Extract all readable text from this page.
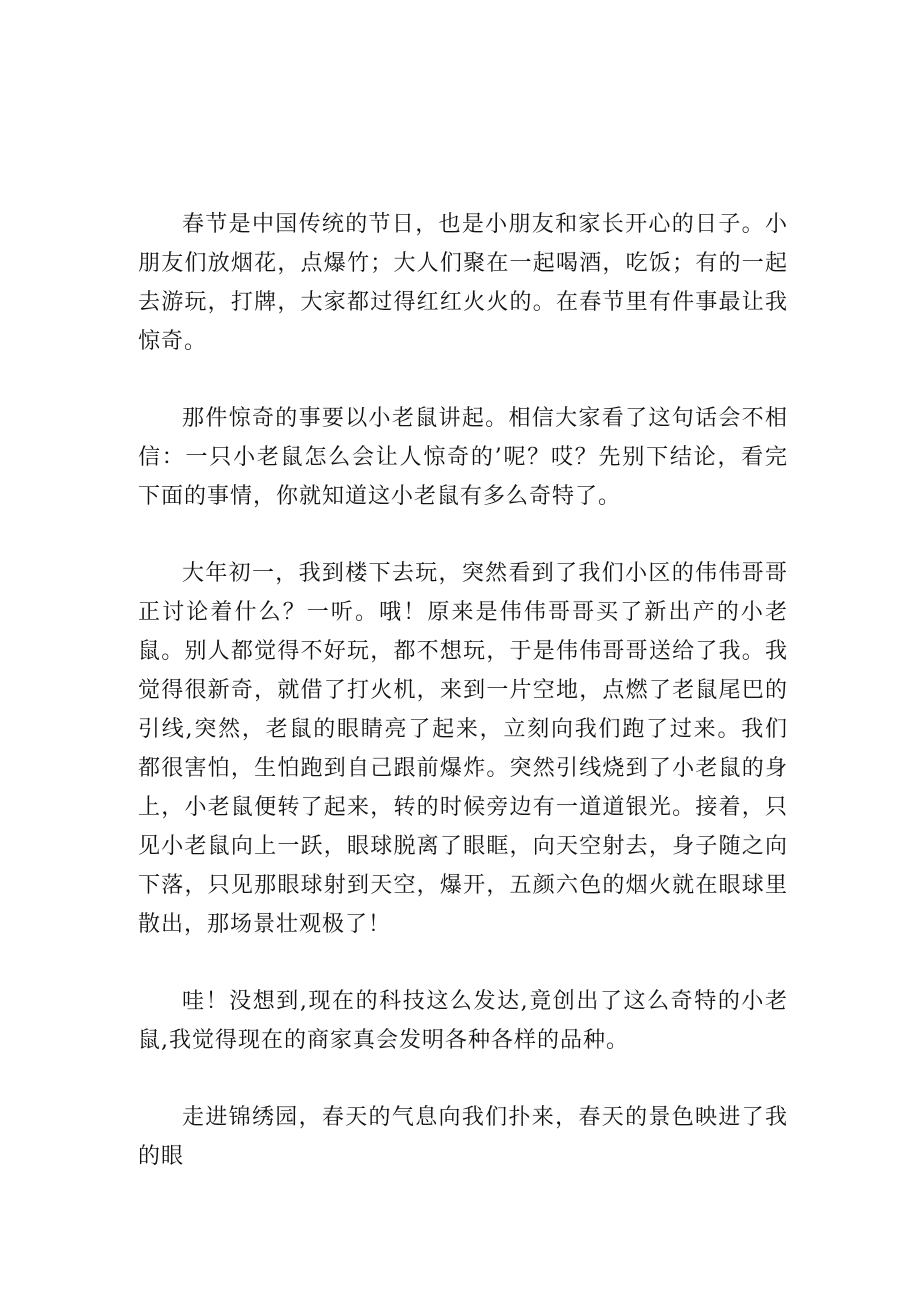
春节是中国传统的节日，也是小朋友和家长开心的日子。小朋友们放烟花，点爆竹；大人们聚在一起喝酒，吃饭；有的一起去游玩，打牌，大家都过得红红火火的。在春节里有件事最让我惊奇。

那件惊奇的事要以小老鼠讲起。相信大家看了这句话会不相信：一只小老鼠怎么会让人惊奇的’呢？哎？先别下结论，看完下面的事情，你就知道这小老鼠有多么奇特了。

大年初一，我到楼下去玩，突然看到了我们小区的伟伟哥哥正讨论着什么？一听。哦！原来是伟伟哥哥买了新出产的小老鼠。别人都觉得不好玩，都不想玩，于是伟伟哥哥送给了我。我觉得很新奇，就借了打火机，来到一片空地，点燃了老鼠尾巴的引线,突然，老鼠的眼睛亮了起来，立刻向我们跑了过来。我们都很害怕，生怕跑到自己跟前爆炸。突然引线烧到了小老鼠的身上，小老鼠便转了起来，转的时候旁边有一道道银光。接着，只见小老鼠向上一跃，眼球脱离了眼眶，向天空射去，身子随之向下落，只见那眼球射到天空，爆开，五颜六色的烟火就在眼球里散出，那场景壮观极了！

哇！没想到,现在的科技这么发达,竟创出了这么奇特的小老鼠,我觉得现在的商家真会发明各种各样的品种。

走进锦绣园，春天的气息向我们扑来，春天的景色映进了我的眼
